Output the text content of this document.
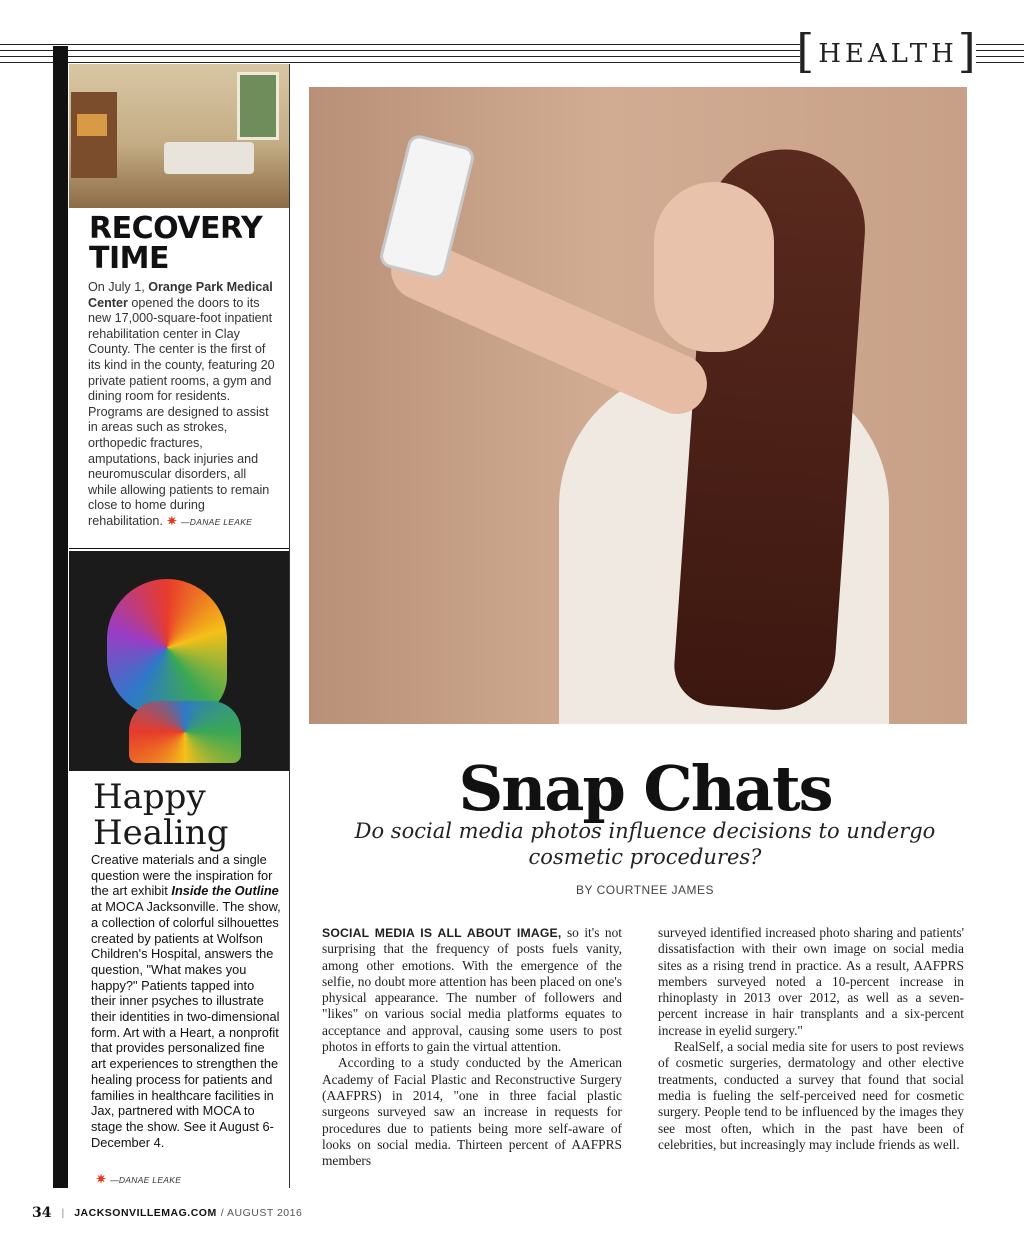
[ HEALTH ]
RECOVERY TIME
On July 1, Orange Park Medical Center opened the doors to its new 17,000-square-foot inpatient rehabilitation center in Clay County. The center is the first of its kind in the county, featuring 20 private patient rooms, a gym and dining room for residents. Programs are designed to assist in areas such as strokes, orthopedic fractures, amputations, back injuries and neuromuscular disorders, all while allowing patients to remain close to home during rehabilitation. ✷ —DANAE LEAKE
Happy
Healing
Creative materials and a single question were the inspiration for the art exhibit Inside the Outline at MOCA Jacksonville. The show, a collection of colorful silhouettes created by patients at Wolfson Children's Hospital, answers the question, "What makes you happy?" Patients tapped into their inner psyches to illustrate their identities in two-dimensional form. Art with a Heart, a nonprofit that provides personalized fine art experiences to strengthen the healing process for patients and families in healthcare facilities in Jax, partnered with MOCA to stage the show. See it August 6-December 4.
✷ —DANAE LEAKE
Snap Chats
Do social media photos influence decisions to undergo cosmetic procedures?
BY COURTNEE JAMES

SOCIAL MEDIA IS ALL ABOUT IMAGE, so it's not surprising that the frequency of posts fuels vanity, among other emotions. With the emergence of the selfie, no doubt more attention has been placed on one's physical appearance. The number of followers and "likes" on various social media platforms equates to acceptance and approval, causing some users to post photos in efforts to gain the virtual attention.

According to a study conducted by the American Academy of Facial Plastic and Reconstructive Surgery (AAFPRS) in 2014, "one in three facial plastic surgeons surveyed saw an increase in requests for procedures due to patients being more self-aware of looks on social media. Thirteen percent of AAFPRS members

surveyed identified increased photo sharing and patients' dissatisfaction with their own image on social media sites as a rising trend in practice. As a result, AAFPRS members surveyed noted a 10-percent increase in rhinoplasty in 2013 over 2012, as well as a seven-percent increase in hair transplants and a six-percent increase in eyelid surgery."

RealSelf, a social media site for users to post reviews of cosmetic surgeries, dermatology and other elective treatments, conducted a survey that found that social media is fueling the self-perceived need for cosmetic surgery. People tend to be influenced by the images they see most often, which in the past have been of celebrities, but increasingly may include friends as well.

34 | JACKSONVILLEMAG.COM / AUGUST 2016
